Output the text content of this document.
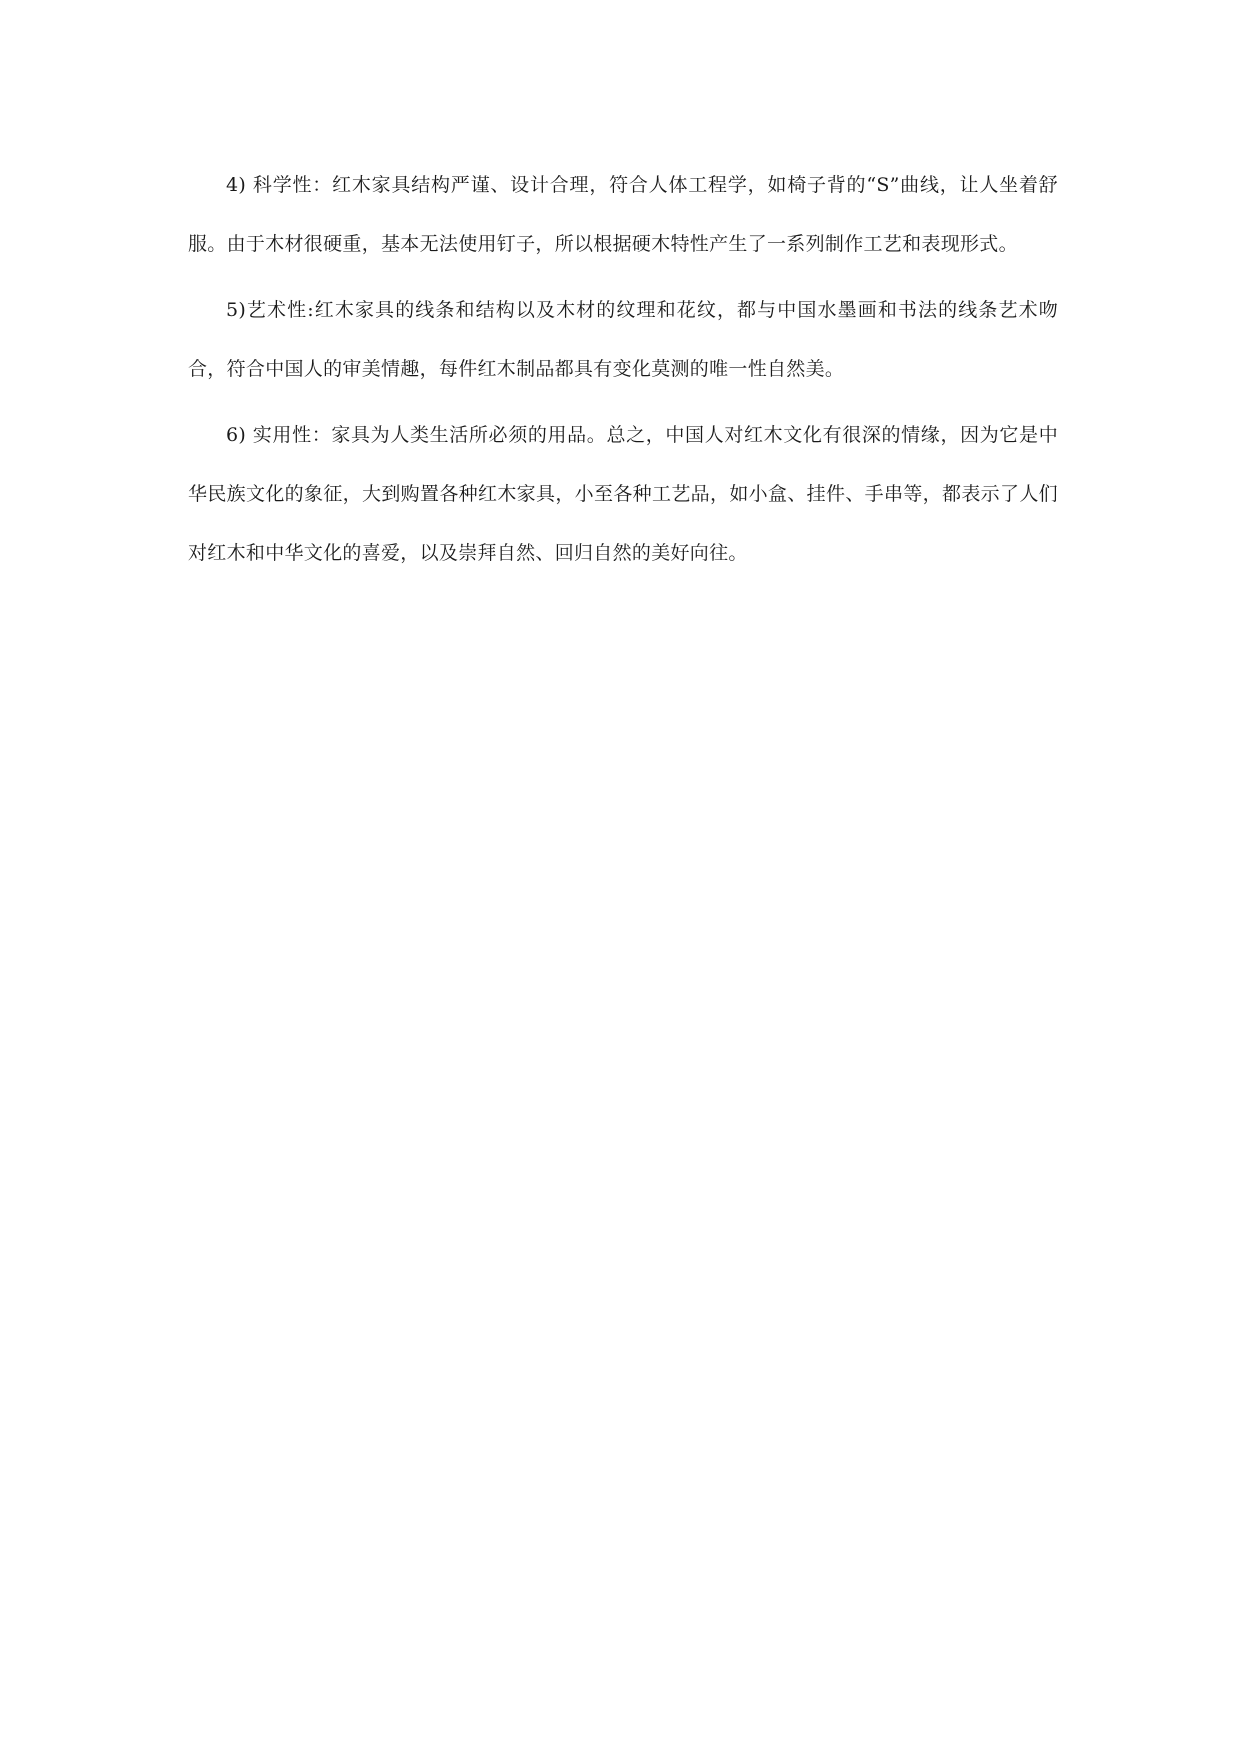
4) 科学性：红木家具结构严谨、设计合理，符合人体工程学，如椅子背的“S”曲线，让人坐着舒服。由于木材很硬重，基本无法使用钉子，所以根据硬木特性产生了一系列制作工艺和表现形式。

5)艺术性:红木家具的线条和结构以及木材的纹理和花纹，都与中国水墨画和书法的线条艺术吻合，符合中国人的审美情趣，每件红木制品都具有变化莫测的唯一性自然美。

6) 实用性：家具为人类生活所必须的用品。总之，中国人对红木文化有很深的情缘，因为它是中华民族文化的象征，大到购置各种红木家具，小至各种工艺品，如小盒、挂件、手串等，都表示了人们对红木和中华文化的喜爱，以及崇拜自然、回归自然的美好向往。
